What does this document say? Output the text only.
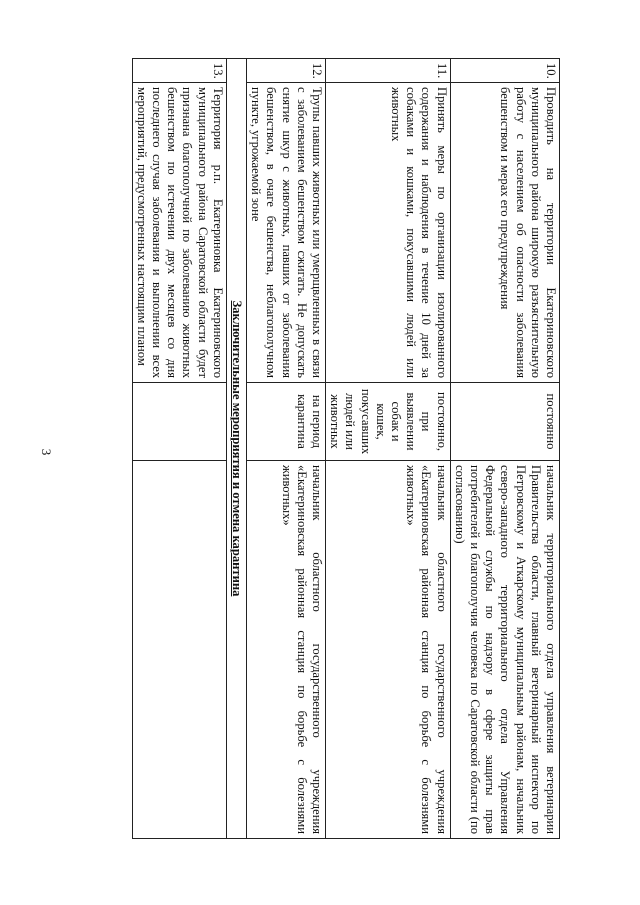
3
10.	Проводить на территории Екатериновского муниципального района широкую разъяснительную работу с населением об опасности заболевания бешенством и мерах его предупреждения	постоянно	начальник территориального отдела управления ветеринарии Правительства области, главный ветеринарный инспектор по Петровскому и Аткарскому муниципальным районам, начальник северо-западного территориального отдела Управления Федеральной службы по надзору в сфере защиты прав потребителей и благополучия человека по Саратовской области (по согласованию)
11.	Принять меры по организации изолированного содержания и наблюдения в течение 10 дней за собаками и кошками, покусавшими людей или животных	постоянно, при выявлении собак и кошек, покусавших людей или животных	начальник областного государственного учреждения «Екатериновская районная станция по борьбе с болезнями животных»
12.	Трупы павших животных или умерщвленных в связи с заболеванием бешенством сжигать. Не допускать снятие шкур с животных, павших от заболевания бешенством, в очаге бешенства, неблагополучном пункте, угрожаемой зоне	на период карантина	начальник областного государственного учреждения «Екатериновская районная станция по борьбе с болезнями животных»
Заключительные мероприятия и отмена карантина			
13.	Территория р.п. Екатериновка Екатериновского муниципального района Саратовской области будет признана благополучной по заболеванию животных бешенством по истечении двух месяцев со дня последнего случая заболевания и выполнении всех мероприятий, предусмотренных настоящим планом		
